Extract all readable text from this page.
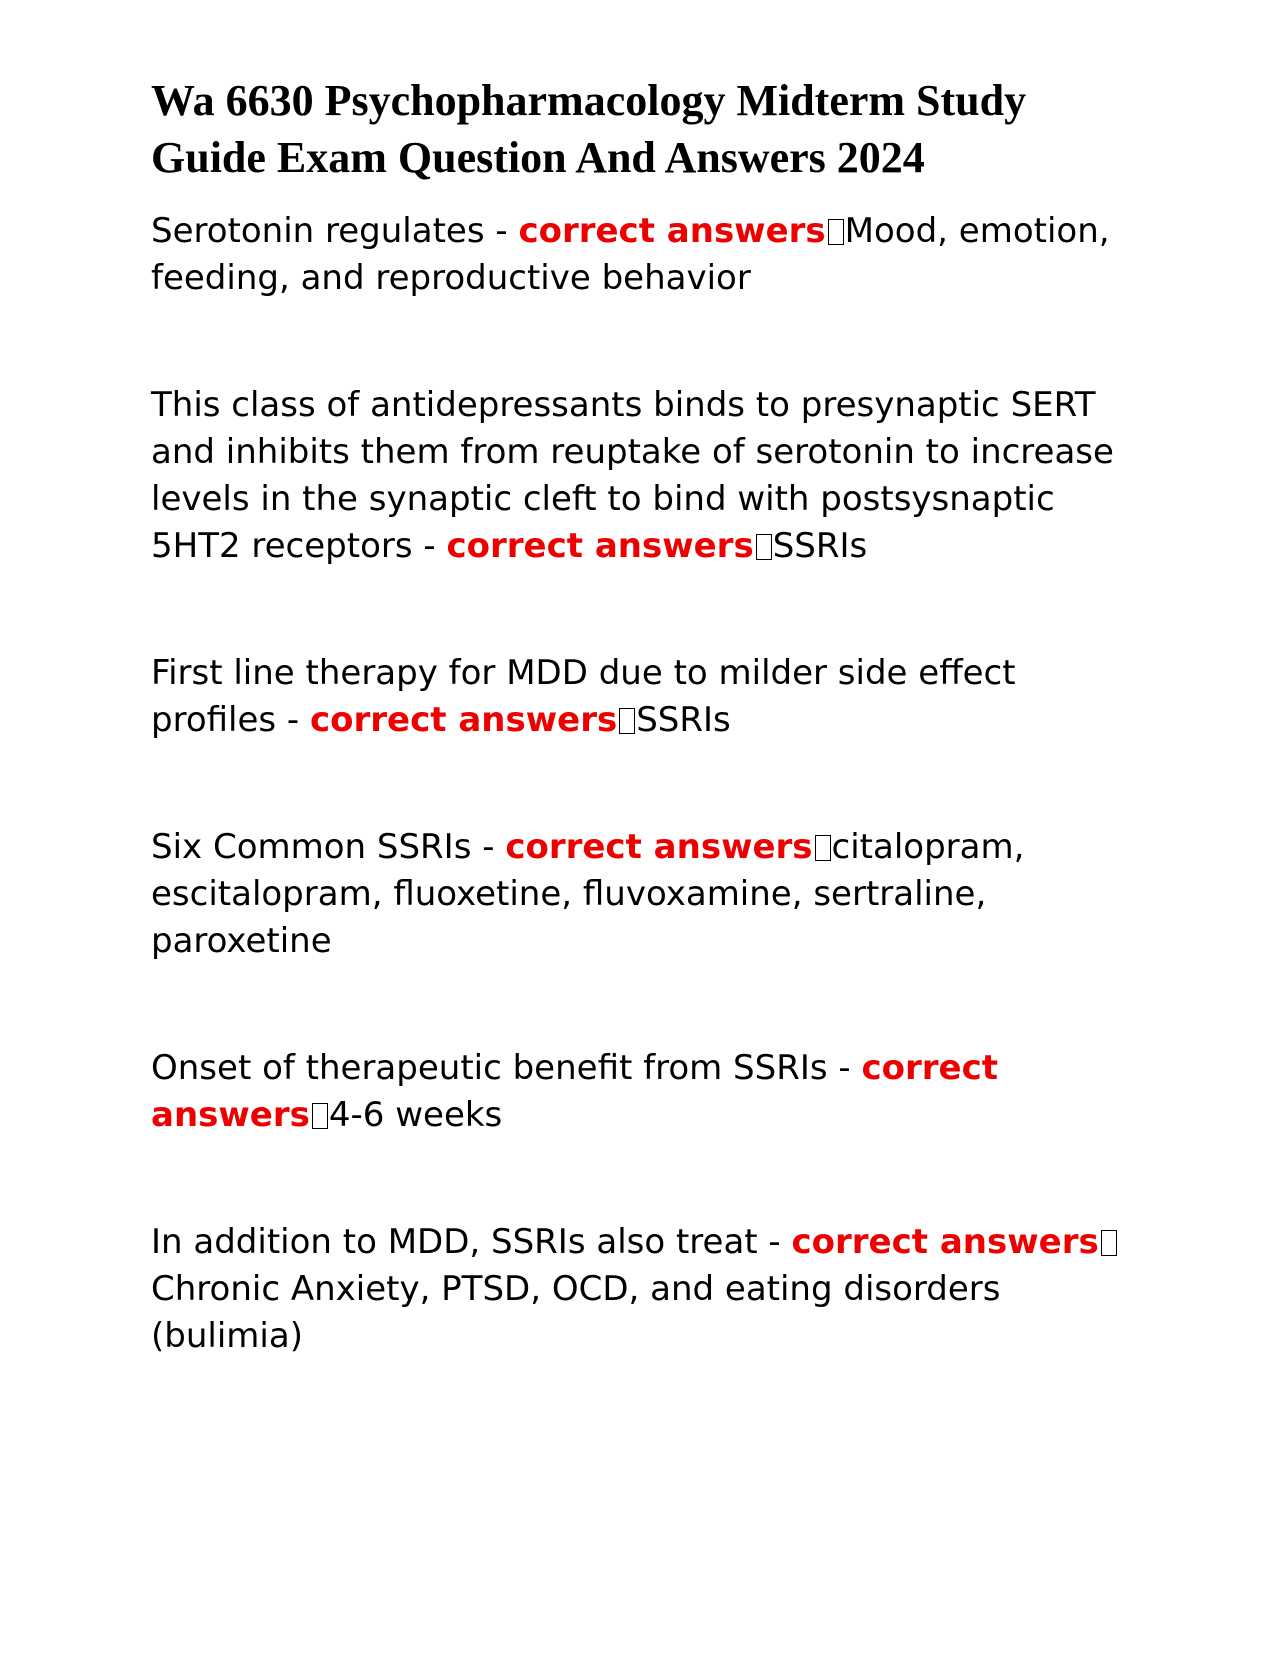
Wa 6630 Psychopharmacology Midterm Study Guide Exam Question And Answers 2024

Serotonin regulates - correct answers Mood, emotion, feeding, and reproductive behavior

This class of antidepressants binds to presynaptic SERT and inhibits them from reuptake of serotonin to increase levels in the synaptic cleft to bind with postsysnaptic 5HT2 receptors - correct answers SSRIs

First line therapy for MDD due to milder side effect profiles - correct answers SSRIs

Six Common SSRIs - correct answers citalopram, escitalopram, fluoxetine, fluvoxamine, sertraline, paroxetine

Onset of therapeutic benefit from SSRIs - correct answers 4-6 weeks

In addition to MDD, SSRIs also treat - correct answersChronic Anxiety, PTSD, OCD, and eating disorders (bulimia)
